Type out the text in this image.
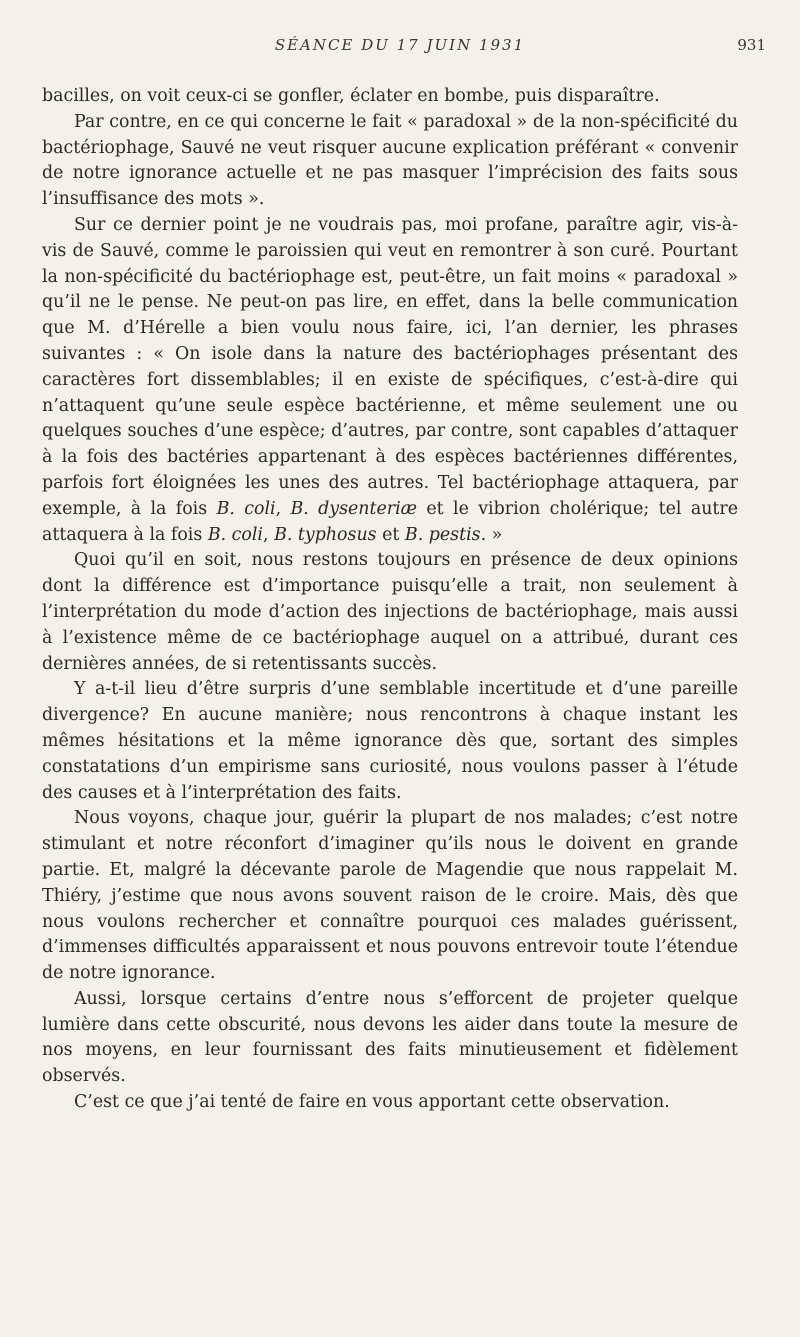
SÉANCE DU 17 JUIN 1931	931

bacilles, on voit ceux-ci se gonfler, éclater en bombe, puis disparaître.

Par contre, en ce qui concerne le fait « paradoxal » de la non-spécificité du bactériophage, Sauvé ne veut risquer aucune explication préférant « convenir de notre ignorance actuelle et ne pas masquer l’imprécision des faits sous l’insuffisance des mots ».

Sur ce dernier point je ne voudrais pas, moi profane, paraître agir, vis-à-vis de Sauvé, comme le paroissien qui veut en remontrer à son curé. Pourtant la non-spécificité du bactériophage est, peut-être, un fait moins « paradoxal » qu’il ne le pense. Ne peut-on pas lire, en effet, dans la belle communication que M. d’Hérelle a bien voulu nous faire, ici, l’an dernier, les phrases suivantes : « On isole dans la nature des bactériophages présentant des caractères fort dissemblables; il en existe de spécifiques, c’est-à-dire qui n’attaquent qu’une seule espèce bactérienne, et même seulement une ou quelques souches d’une espèce; d’autres, par contre, sont capables d’attaquer à la fois des bactéries appartenant à des espèces bactériennes différentes, parfois fort éloignées les unes des autres. Tel bactériophage attaquera, par exemple, à la fois B. coli, B. dysenteriæ et le vibrion cholérique; tel autre attaquera à la fois B. coli, B. typhosus et B. pestis. »

Quoi qu’il en soit, nous restons toujours en présence de deux opinions dont la différence est d’importance puisqu’elle a trait, non seulement à l’interprétation du mode d’action des injections de bactériophage, mais aussi à l’existence même de ce bactériophage auquel on a attribué, durant ces dernières années, de si retentissants succès.

Y a-t-il lieu d’être surpris d’une semblable incertitude et d’une pareille divergence? En aucune manière; nous rencontrons à chaque instant les mêmes hésitations et la même ignorance dès que, sortant des simples constatations d’un empirisme sans curiosité, nous voulons passer à l’étude des causes et à l’interprétation des faits.

Nous voyons, chaque jour, guérir la plupart de nos malades; c’est notre stimulant et notre réconfort d’imaginer qu’ils nous le doivent en grande partie. Et, malgré la décevante parole de Magendie que nous rappelait M. Thiéry, j’estime que nous avons souvent raison de le croire. Mais, dès que nous voulons rechercher et connaître pourquoi ces malades guérissent, d’immenses difficultés apparaissent et nous pouvons entrevoir toute l’étendue de notre ignorance.

Aussi, lorsque certains d’entre nous s’efforcent de projeter quelque lumière dans cette obscurité, nous devons les aider dans toute la mesure de nos moyens, en leur fournissant des faits minutieusement et fidèlement observés.

C’est ce que j’ai tenté de faire en vous apportant cette observation.
